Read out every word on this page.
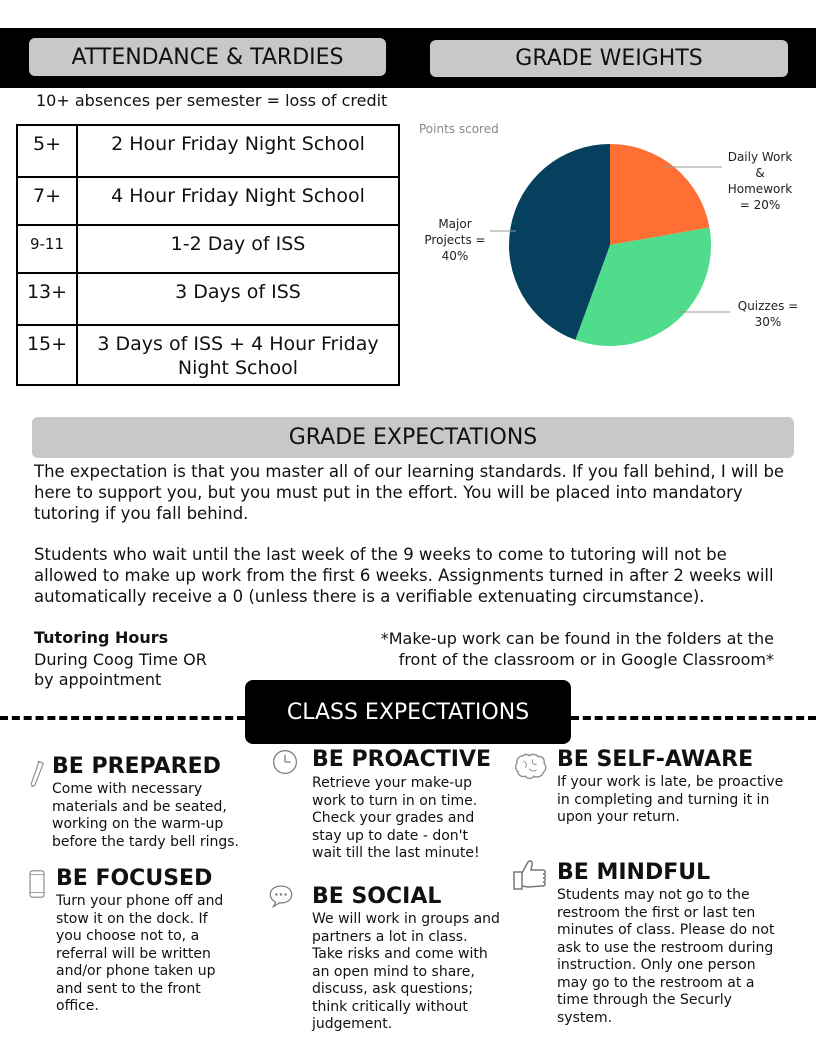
ATTENDANCE & TARDIES	GRADE WEIGHTS
10+ absences per semester = loss of credit
5+	2 Hour Friday Night School
7+	4 Hour Friday Night School
9-11	1-2 Day of ISS
13+	3 Days of ISS
15+	3 Days of ISS + 4 Hour Friday Night School
Points scored
Daily Work
&
Homework
= 20%
Quizzes =
30%
Major
Projects =
40%
GRADE EXPECTATIONS
The expectation is that you master all of our learning standards. If you fall behind, I will be here to support you, but you must put in the effort. You will be placed into mandatory tutoring if you fall behind.
Students who wait until the last week of the 9 weeks to come to tutoring will not be allowed to make up work from the first 6 weeks. Assignments turned in after 2 weeks will automatically receive a 0 (unless there is a verifiable extenuating circumstance).
Tutoring Hours
During Coog Time OR
by appointment
*Make-up work can be found in the folders at the front of the classroom or in Google Classroom*
CLASS EXPECTATIONS
BE PREPARED
Come with necessary materials and be seated, working on the warm-up before the tardy bell rings.
BE FOCUSED
Turn your phone off and stow it on the dock. If you choose not to, a referral will be written and/or phone taken up and sent to the front office.
BE PROACTIVE
Retrieve your make-up work to turn in on time. Check your grades and stay up to date - don't wait till the last minute!
BE SOCIAL
We will work in groups and partners a lot in class. Take risks and come with an open mind to share, discuss, ask questions; think critically without judgement.
BE SELF-AWARE
If your work is late, be proactive in completing and turning it in upon your return.
BE MINDFUL
Students may not go to the restroom the first or last ten minutes of class. Please do not ask to use the restroom during instruction. Only one person may go to the restroom at a time through the Securly system.
